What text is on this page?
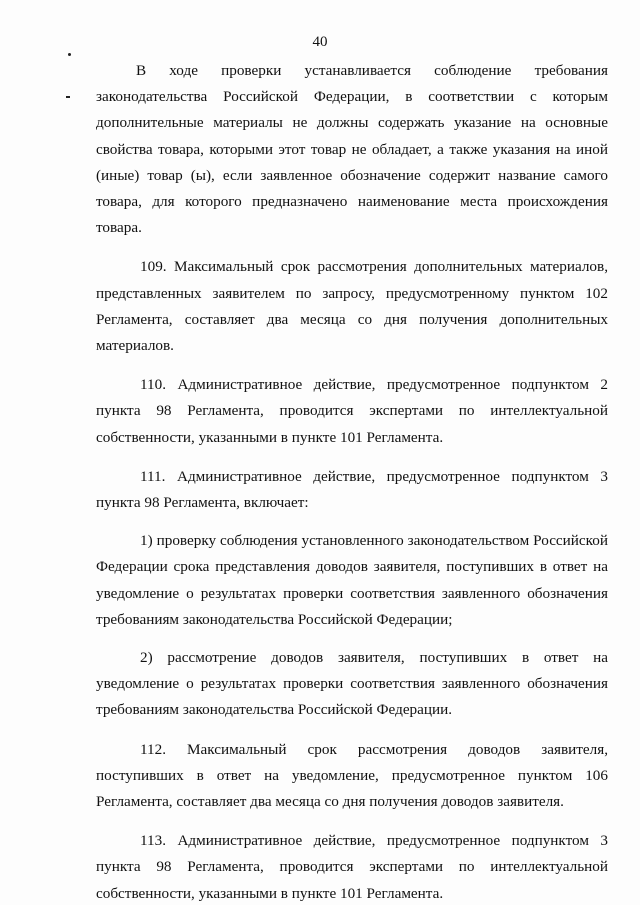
40

В ходе проверки устанавливается соблюдение требования законодательства Российской Федерации, в соответствии с которым дополнительные материалы не должны содержать указание на основные свойства товара, которыми этот товар не обладает, а также указания на иной (иные) товар (ы), если заявленное обозначение содержит название самого товара, для которого предназначено наименование места происхождения товара.

109. Максимальный срок рассмотрения дополнительных материалов, представленных заявителем по запросу, предусмотренному пунктом 102 Регламента, составляет два месяца со дня получения дополнительных материалов.

110. Административное действие, предусмотренное подпунктом 2 пункта 98 Регламента, проводится экспертами по интеллектуальной собственности, указанными в пункте 101 Регламента.

111. Административное действие, предусмотренное подпунктом 3 пункта 98 Регламента, включает:

1) проверку соблюдения установленного законодательством Российской Федерации срока представления доводов заявителя, поступивших в ответ на уведомление о результатах проверки соответствия заявленного обозначения требованиям законодательства Российской Федерации;

2) рассмотрение доводов заявителя, поступивших в ответ на уведомление о результатах проверки соответствия заявленного обозначения требованиям законодательства Российской Федерации.

112. Максимальный срок рассмотрения доводов заявителя, поступивших в ответ на уведомление, предусмотренное пунктом 106 Регламента, составляет два месяца со дня получения доводов заявителя.

113. Административное действие, предусмотренное подпунктом 3 пункта 98 Регламента, проводится экспертами по интеллектуальной собственности, указанными в пункте 101 Регламента.
